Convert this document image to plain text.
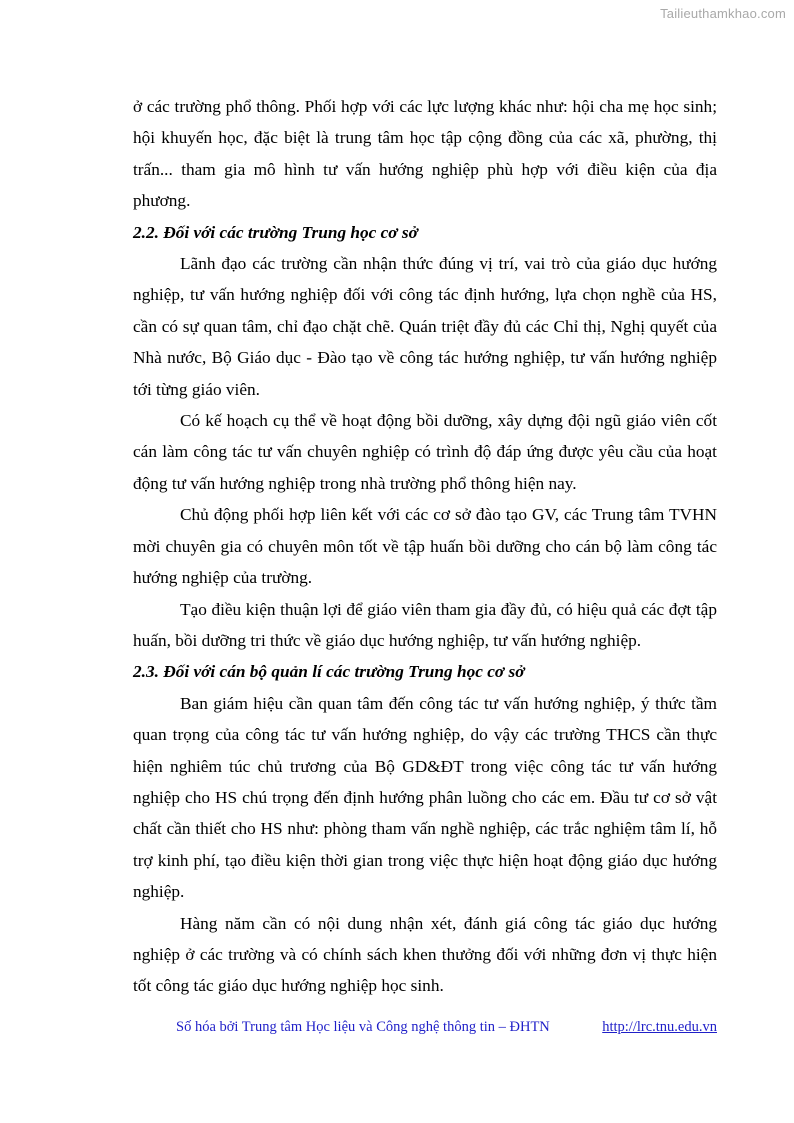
Tailieuthamkhao.com

ở các trường phổ thông. Phối hợp với các lực lượng khác như: hội cha mẹ học sinh; hội khuyến học, đặc biệt là trung tâm học tập cộng đồng của các xã, phường, thị trấn... tham gia mô hình tư vấn hướng nghiệp phù hợp với điều kiện của địa phương.

2.2. Đối với các trường Trung học cơ sở

Lãnh đạo các trường cần nhận thức đúng vị trí, vai trò của giáo dục hướng nghiệp, tư vấn hướng nghiệp đối với công tác định hướng, lựa chọn nghề của HS, cần có sự quan tâm, chỉ đạo chặt chẽ. Quán triệt đầy đủ các Chỉ thị, Nghị quyết của Nhà nước, Bộ Giáo dục - Đào tạo về công tác hướng nghiệp, tư vấn hướng nghiệp tới từng giáo viên.

Có kế hoạch cụ thể về hoạt động bồi dưỡng, xây dựng đội ngũ giáo viên cốt cán làm công tác tư vấn chuyên nghiệp có trình độ đáp ứng được yêu cầu của hoạt động tư vấn hướng nghiệp trong nhà trường phổ thông hiện nay.

Chủ động phối hợp liên kết với các cơ sở đào tạo GV, các Trung tâm TVHN mời chuyên gia có chuyên môn tốt về tập huấn bồi dưỡng cho cán bộ làm công tác hướng nghiệp của trường.

Tạo điều kiện thuận lợi để giáo viên tham gia đầy đủ, có hiệu quả các đợt tập huấn, bồi dưỡng tri thức về giáo dục hướng nghiệp, tư vấn hướng nghiệp.

2.3. Đối với cán bộ quản lí các trường Trung học cơ sở

Ban giám hiệu cần quan tâm đến công tác tư vấn hướng nghiệp, ý thức tầm quan trọng của công tác tư vấn hướng nghiệp, do vậy các trường THCS cần thực hiện nghiêm túc chủ trương của Bộ GD&ĐT trong việc công tác tư vấn hướng nghiệp cho HS chú trọng đến định hướng phân luồng cho các em. Đầu tư cơ sở vật chất cần thiết cho HS như: phòng tham vấn nghề nghiệp, các trắc nghiệm tâm lí, hỗ trợ kinh phí, tạo điều kiện thời gian trong việc thực hiện hoạt động giáo dục hướng nghiệp.

Hàng năm cần có nội dung nhận xét, đánh giá công tác giáo dục hướng nghiệp ở các trường và có chính sách khen thưởng đối với những đơn vị thực hiện tốt công tác giáo dục hướng nghiệp học sinh.

Số hóa bởi Trung tâm Học liệu và Công nghệ thông tin – ĐHTN	http://lrc.tnu.edu.vn
